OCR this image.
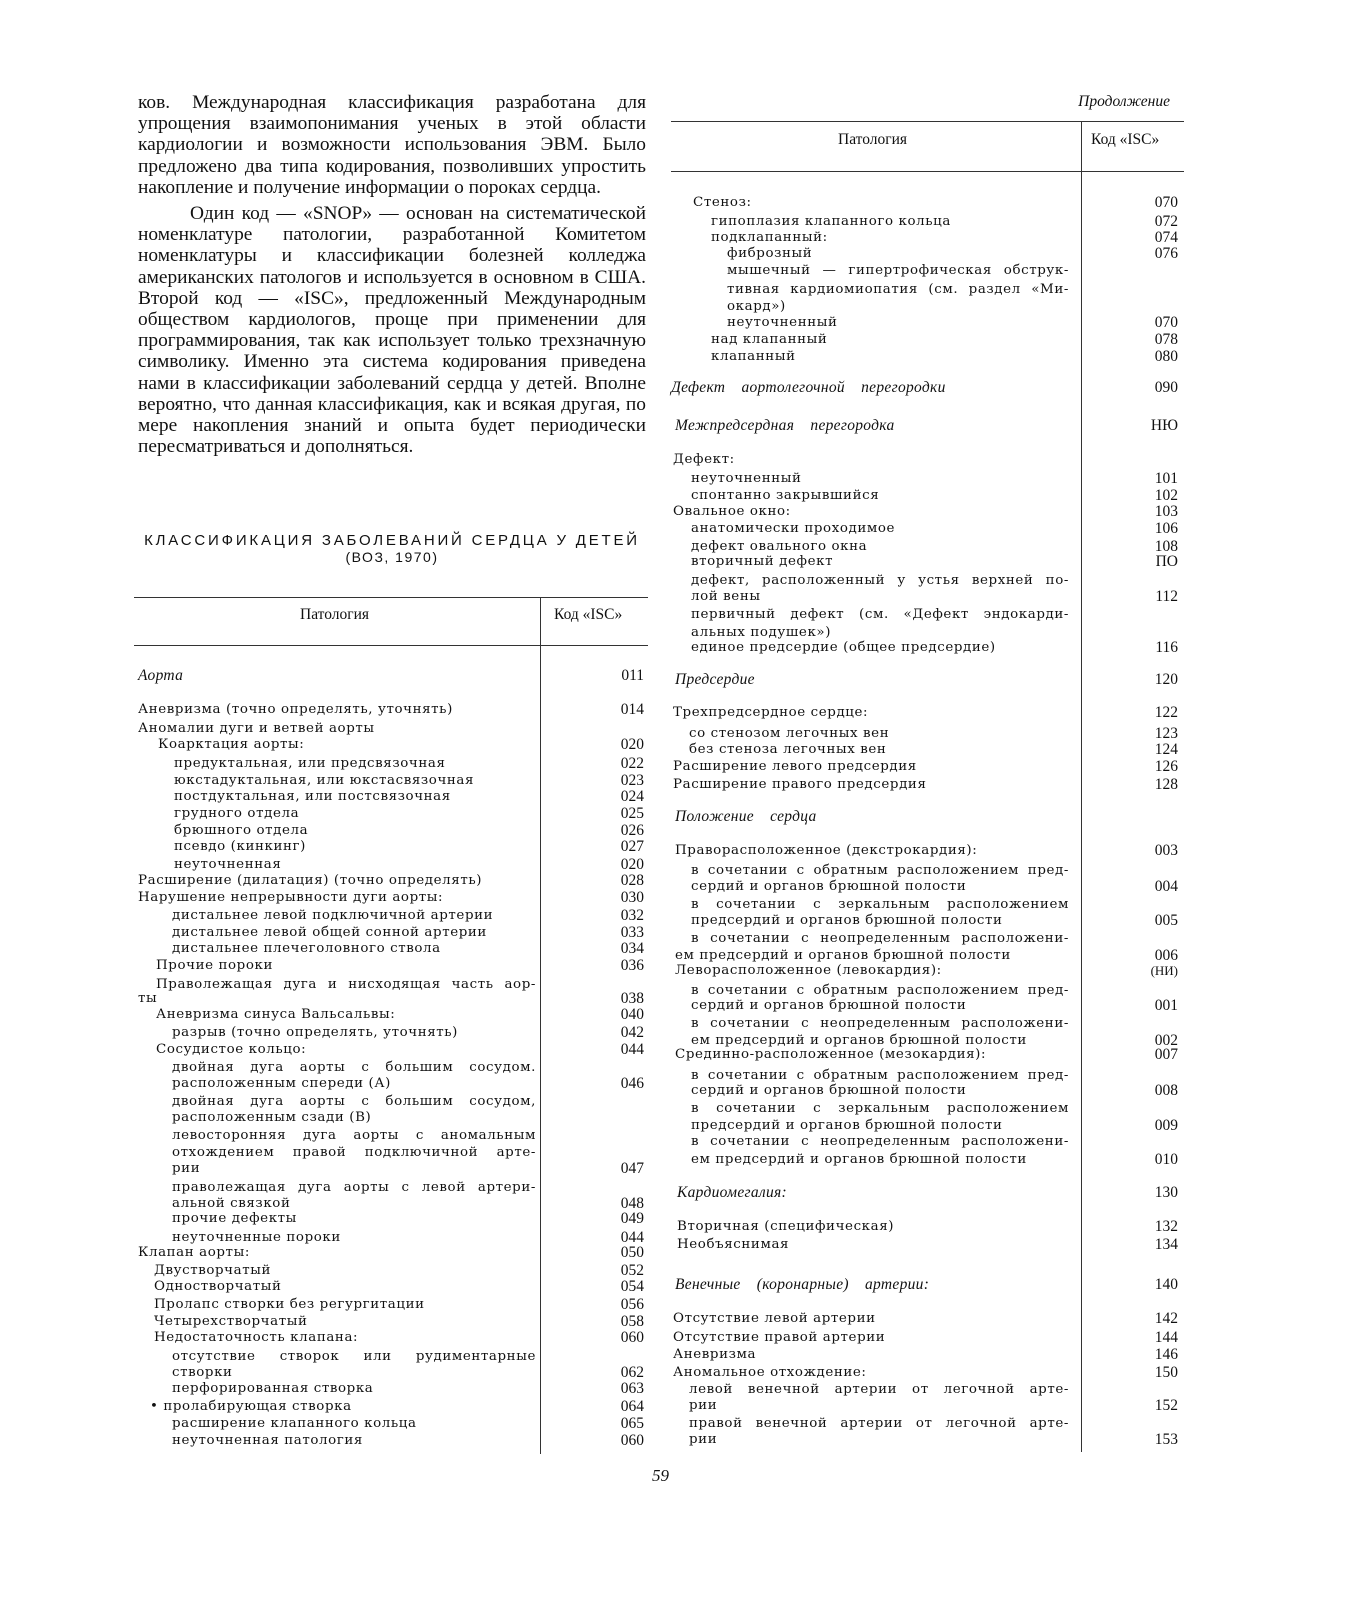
ков. Международная классификация разработана для упрощения взаимопонимания ученых в этой области кардиологии и возможности использования ЭВМ. Было предложено два типа кодирования, позволивших упростить накопление и получение информации о пороках сердца.

Один код — «SNOP» — основан на систематической номенклатуре патологии, разработанной Комитетом номенклатуры и классификации болезней колледжа американских патологов и используется в основном в США. Второй код — «ISC», предложенный Международным обществом кардиологов, проще при применении для программирования, так как использует только трехзначную символику. Именно эта система кодирования приведена нами в классификации заболеваний сердца у детей. Вполне вероятно, что данная классификация, как и всякая другая, по мере накопления знаний и опыта будет периодически пересматриваться и дополняться.

КЛАССИФИКАЦИЯ ЗАБОЛЕВАНИЙ СЕРДЦА У ДЕТЕЙ
(ВОЗ, 1970)
Патология	Код «ISC»
Аорта	011
Аневризма (точно определять, уточнять)	014
Аномалии дуги и ветвей аорты
Коарктация аорты:	020
предуктальная, или предсвязочная	022
юкстадуктальная, или юкстасвязочная	023
постдуктальная, или постсвязочная	024
грудного отдела	025
брюшного отдела	026
псевдо (кинкинг)	027
неуточненная	020
Расширение (дилатация) (точно определять)	028
Нарушение непрерывности дуги аорты:	030
дистальнее левой подключичной артерии	032
дистальнее левой общей сонной артерии	033
дистальнее плечеголовного ствола	034
Прочие пороки	036
Праволежащая дуга и нисходящая часть аор-
ты	038
Аневризма синуса Вальсальвы:	040
разрыв (точно определять, уточнять)	042
Сосудистое кольцо:	044
двойная дуга аорты с большим сосудом.
расположенным спереди (А)	046
двойная дуга аорты с большим сосудом,
расположенным сзади (В)
левосторонняя дуга аорты с аномальным
отхождением правой подключичной арте-
рии	047
праволежащая дуга аорты с левой артери-
альной связкой	048
прочие дефекты	049
неуточненные пороки	044
Клапан аорты:	050
Двустворчатый	052
Одностворчатый	054
Пролапс створки без регургитации	056
Четырехстворчатый	058
Недостаточность клапана:	060
отсутствие створок или рудиментарные
створки	062
перфорированная створка	063
• пролабирующая створка	064
расширение клапанного кольца	065
неуточненная патология	060
Продолжение
Патология	Код «ISC»
Стеноз:	070
гипоплазия клапанного кольца	072
подклапанный:	074
фиброзный	076
мышечный — гипертрофическая обструк-
тивная кардиомиопатия (см. раздел «Ми-
окард»)
неуточненный	070
над клапанный	078
клапанный	080
Дефект аортолегочной перегородки	090
Межпредсердная перегородка	НЮ
Дефект:
неуточненный	101
спонтанно закрывшийся	102
Овальное окно:	103
анатомически проходимое	106
дефект овального окна	108
вторичный дефект	ПО
дефект, расположенный у устья верхней по-
лой вены	112
первичный дефект (см. «Дефект эндокарди-
альных подушек»)
единое предсердие (общее предсердие)	116
Предсердие	120
Трехпредсердное сердце:	122
со стенозом легочных вен	123
без стеноза легочных вен	124
Расширение левого предсердия	126
Расширение правого предсердия	128
Положение сердца
Праворасположенное (декстрокардия):	003
в сочетании с обратным расположением пред-
сердий и органов брюшной полости	004
в сочетании с зеркальным расположением
предсердий и органов брюшной полости	005
в сочетании с неопределенным расположени-
ем предсердий и органов брюшной полости	006
Леворасположенное (левокардия):	(НИ)
в сочетании с обратным расположением пред-
сердий и органов брюшной полости	001
в сочетании с неопределенным расположени-
ем предсердий и органов брюшной полости	002
Срединно-расположенное (мезокардия):	007
в сочетании с обратным расположением пред-
сердий и органов брюшной полости	008
в сочетании с зеркальным расположением
предсердий и органов брюшной полости	009
в сочетании с неопределенным расположени-
ем предсердий и органов брюшной полости	010
Кардиомегалия:	130
Вторичная (специфическая)	132
Необъяснимая	134
Венечные (коронарные) артерии:	140
Отсутствие левой артерии	142
Отсутствие правой артерии	144
Аневризма	146
Аномальное отхождение:	150
левой венечной артерии от легочной арте-
рии	152
правой венечной артерии от легочной арте-
рии	153
59
